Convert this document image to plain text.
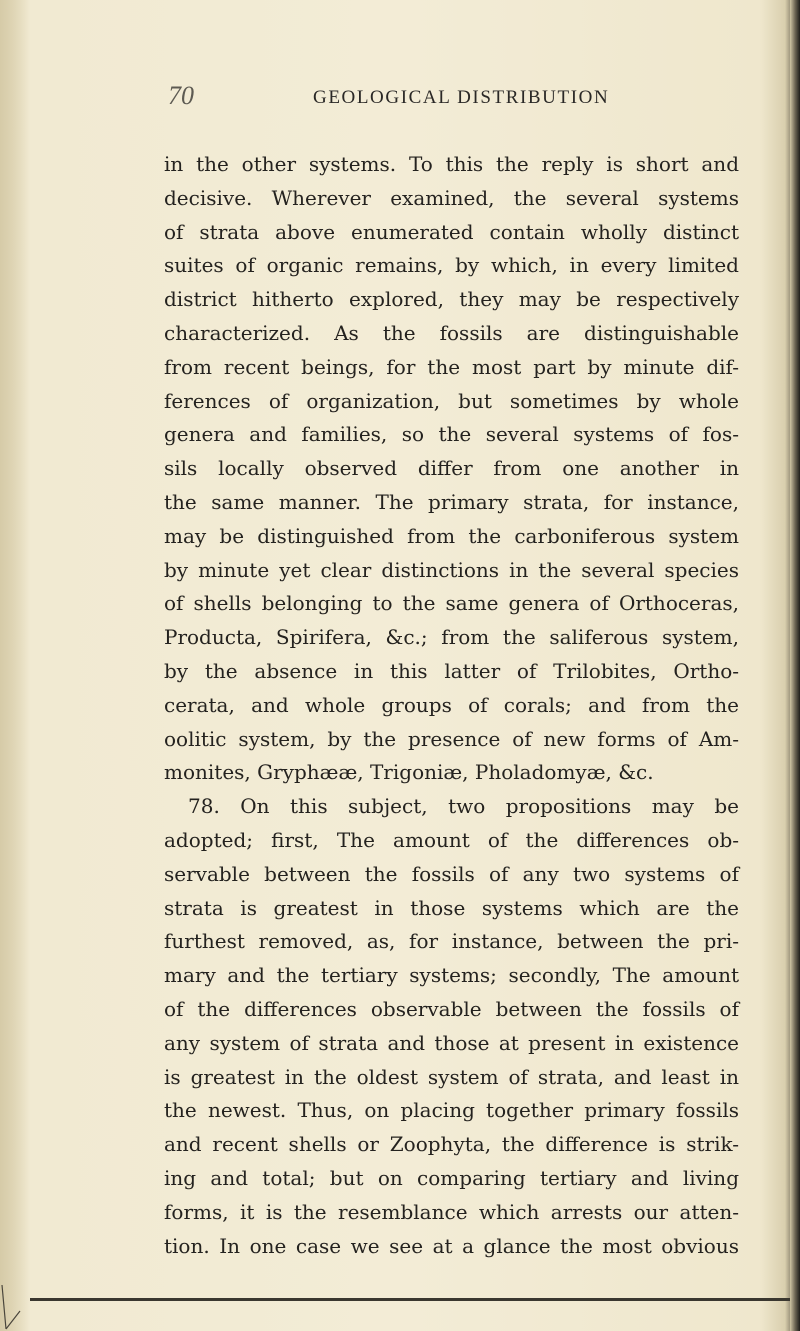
70	GEOLOGICAL DISTRIBUTION
in the other systems. To this the reply is short and
decisive. Wherever examined, the several systems
of strata above enumerated contain wholly distinct
suites of organic remains, by which, in every limited
district hitherto explored, they may be respectively
characterized. As the fossils are distinguishable
from recent beings, for the most part by minute dif-
ferences of organization, but sometimes by whole
genera and families, so the several systems of fos-
sils locally observed differ from one another in
the same manner. The primary strata, for instance,
may be distinguished from the carboniferous system
by minute yet clear distinctions in the several species
of shells belonging to the same genera of Orthoceras,
Producta, Spirifera, &c.; from the saliferous system,
by the absence in this latter of Trilobites, Ortho-
cerata, and whole groups of corals; and from the
oolitic system, by the presence of new forms of Am-
monites, Gryphææ, Trigoniæ, Pholadomyæ, &c.
78. On this subject, two propositions may be
adopted; first, The amount of the differences ob-
servable between the fossils of any two systems of
strata is greatest in those systems which are the
furthest removed, as, for instance, between the pri-
mary and the tertiary systems; secondly, The amount
of the differences observable between the fossils of
any system of strata and those at present in existence
is greatest in the oldest system of strata, and least in
the newest. Thus, on placing together primary fossils
and recent shells or Zoophyta, the difference is strik-
ing and total; but on comparing tertiary and living
forms, it is the resemblance which arrests our atten-
tion. In one case we see at a glance the most obvious
